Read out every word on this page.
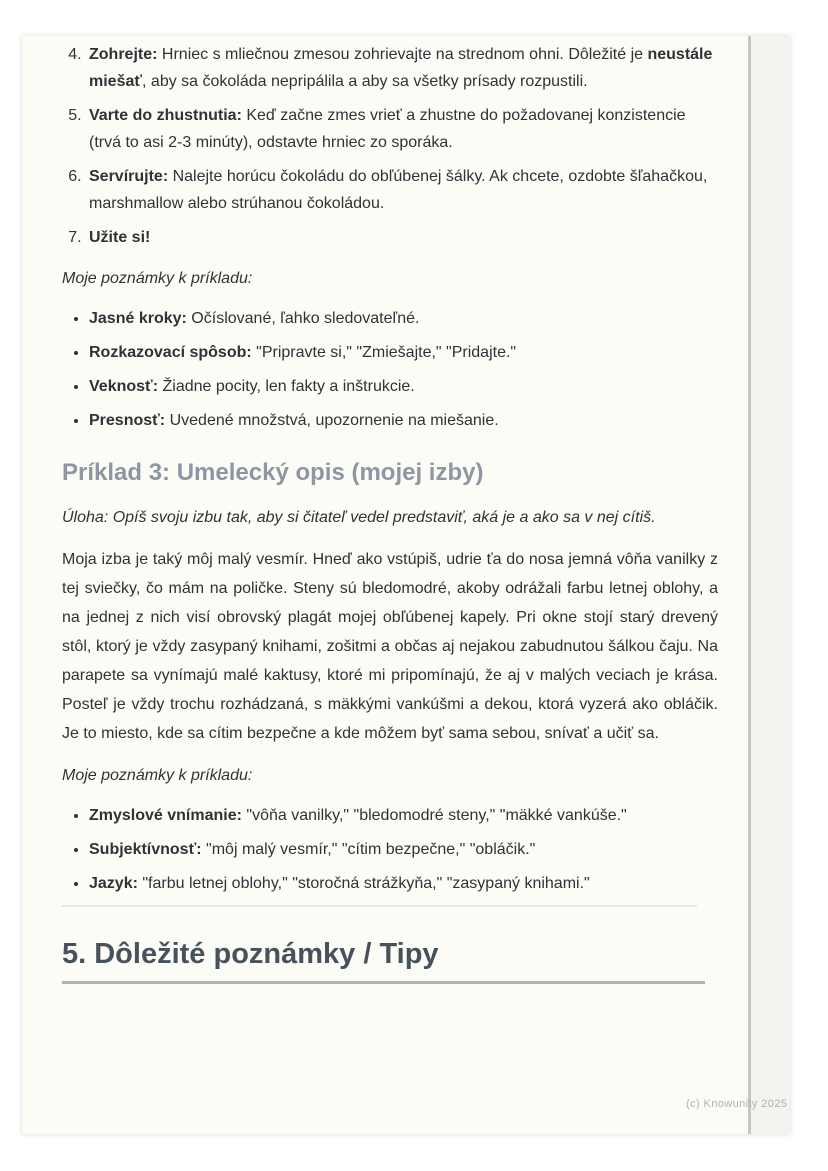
4. Zohrejte: Hrniec s mliečnou zmesou zohrievajte na strednom ohni. Dôležité je neustále miešať, aby sa čokoláda nepripálila a aby sa všetky prísady rozpustili.
5. Varte do zhustnutia: Keď začne zmes vrieť a zhustne do požadovanej konzistencie (trvá to asi 2-3 minúty), odstavte hrniec zo sporáka.
6. Servírujte: Nalejte horúcu čokoládu do obľúbenej šálky. Ak chcete, ozdobte šľahačkou, marshmallow alebo strúhanou čokoládou.
7. Užite si!

Moje poznámky k príkladu:

• Jasné kroky: Očíslované, ľahko sledovateľné.
• Rozkazovací spôsob: "Pripravte si," "Zmiešajte," "Pridajte."
• Veknosť: Žiadne pocity, len fakty a inštrukcie.
• Presnosť: Uvedené množstvá, upozornenie na miešanie.
Príklad 3: Umelecký opis (mojej izby)

Úloha: Opíš svoju izbu tak, aby si čitateľ vedel predstaviť, aká je a ako sa v nej cítiš.

Moja izba je taký môj malý vesmír. Hneď ako vstúpiš, udrie ťa do nosa jemná vôňa vanilky z tej sviečky, čo mám na poličke. Steny sú bledomodré, akoby odrážali farbu letnej oblohy, a na jednej z nich visí obrovský plagát mojej obľúbenej kapely. Pri okne stojí starý drevený stôl, ktorý je vždy zasypaný knihami, zošitmi a občas aj nejakou zabudnutou šálkou čaju. Na parapete sa vynímajú malé kaktusy, ktoré mi pripomínajú, že aj v malých veciach je krása. Posteľ je vždy trochu rozhádzaná, s mäkkými vankúšmi a dekou, ktorá vyzerá ako obláčik. Je to miesto, kde sa cítim bezpečne a kde môžem byť sama sebou, snívať a učiť sa.

Moje poznámky k príkladu:

• Zmyslové vnímanie: "vôňa vanilky," "bledomodré steny," "mäkké vankúše."
• Subjektívnosť: "môj malý vesmír," "cítim bezpečne," "obláčik."
• Jazyk: "farbu letnej oblohy," "storočná strážkyňa," "zasypaný knihami."
5. Dôležité poznámky / Tipy
(c) Knowunity 2025
